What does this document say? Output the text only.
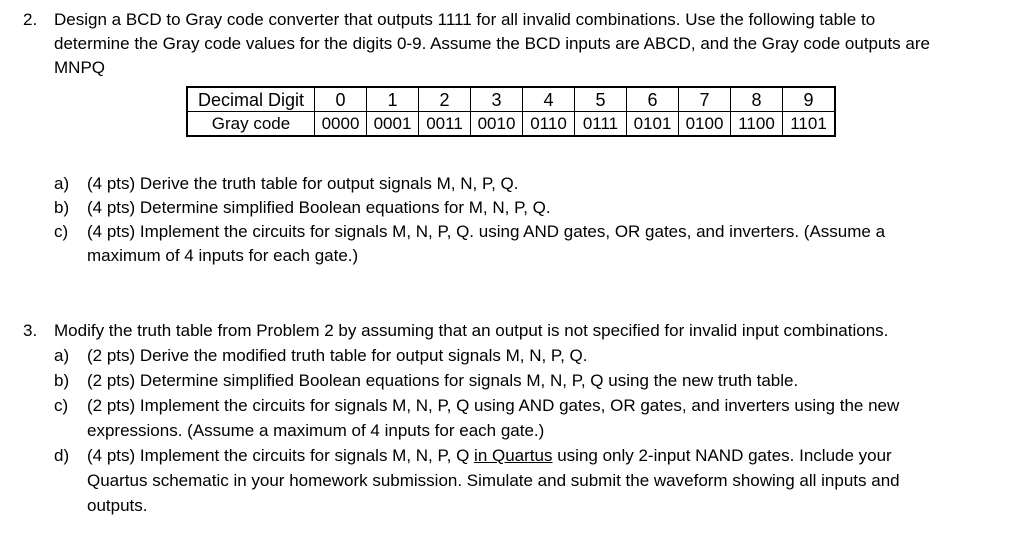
2. Design a BCD to Gray code converter that outputs 1111 for all invalid combinations. Use the following table to
determine the Gray code values for the digits 0-9. Assume the BCD inputs are ABCD, and the Gray code outputs are
MNPQ
Decimal Digit	0	1	2	3	4	5	6	7	8	9
Gray code	0000	0001	0011	0010	0110	0111	0101	0100	1100	1101
a) (4 pts) Derive the truth table for output signals M, N, P, Q.
b) (4 pts) Determine simplified Boolean equations for M, N, P, Q.
c) (4 pts) Implement the circuits for signals M, N, P, Q. using AND gates, OR gates, and inverters. (Assume a
maximum of 4 inputs for each gate.)
3. Modify the truth table from Problem 2 by assuming that an output is not specified for invalid input combinations.
a) (2 pts) Derive the modified truth table for output signals M, N, P, Q.
b) (2 pts) Determine simplified Boolean equations for signals M, N, P, Q using the new truth table.
c) (2 pts) Implement the circuits for signals M, N, P, Q using AND gates, OR gates, and inverters using the new
expressions. (Assume a maximum of 4 inputs for each gate.)
d) (4 pts) Implement the circuits for signals M, N, P, Q in Quartus using only 2-input NAND gates. Include your
Quartus schematic in your homework submission. Simulate and submit the waveform showing all inputs and
outputs.
